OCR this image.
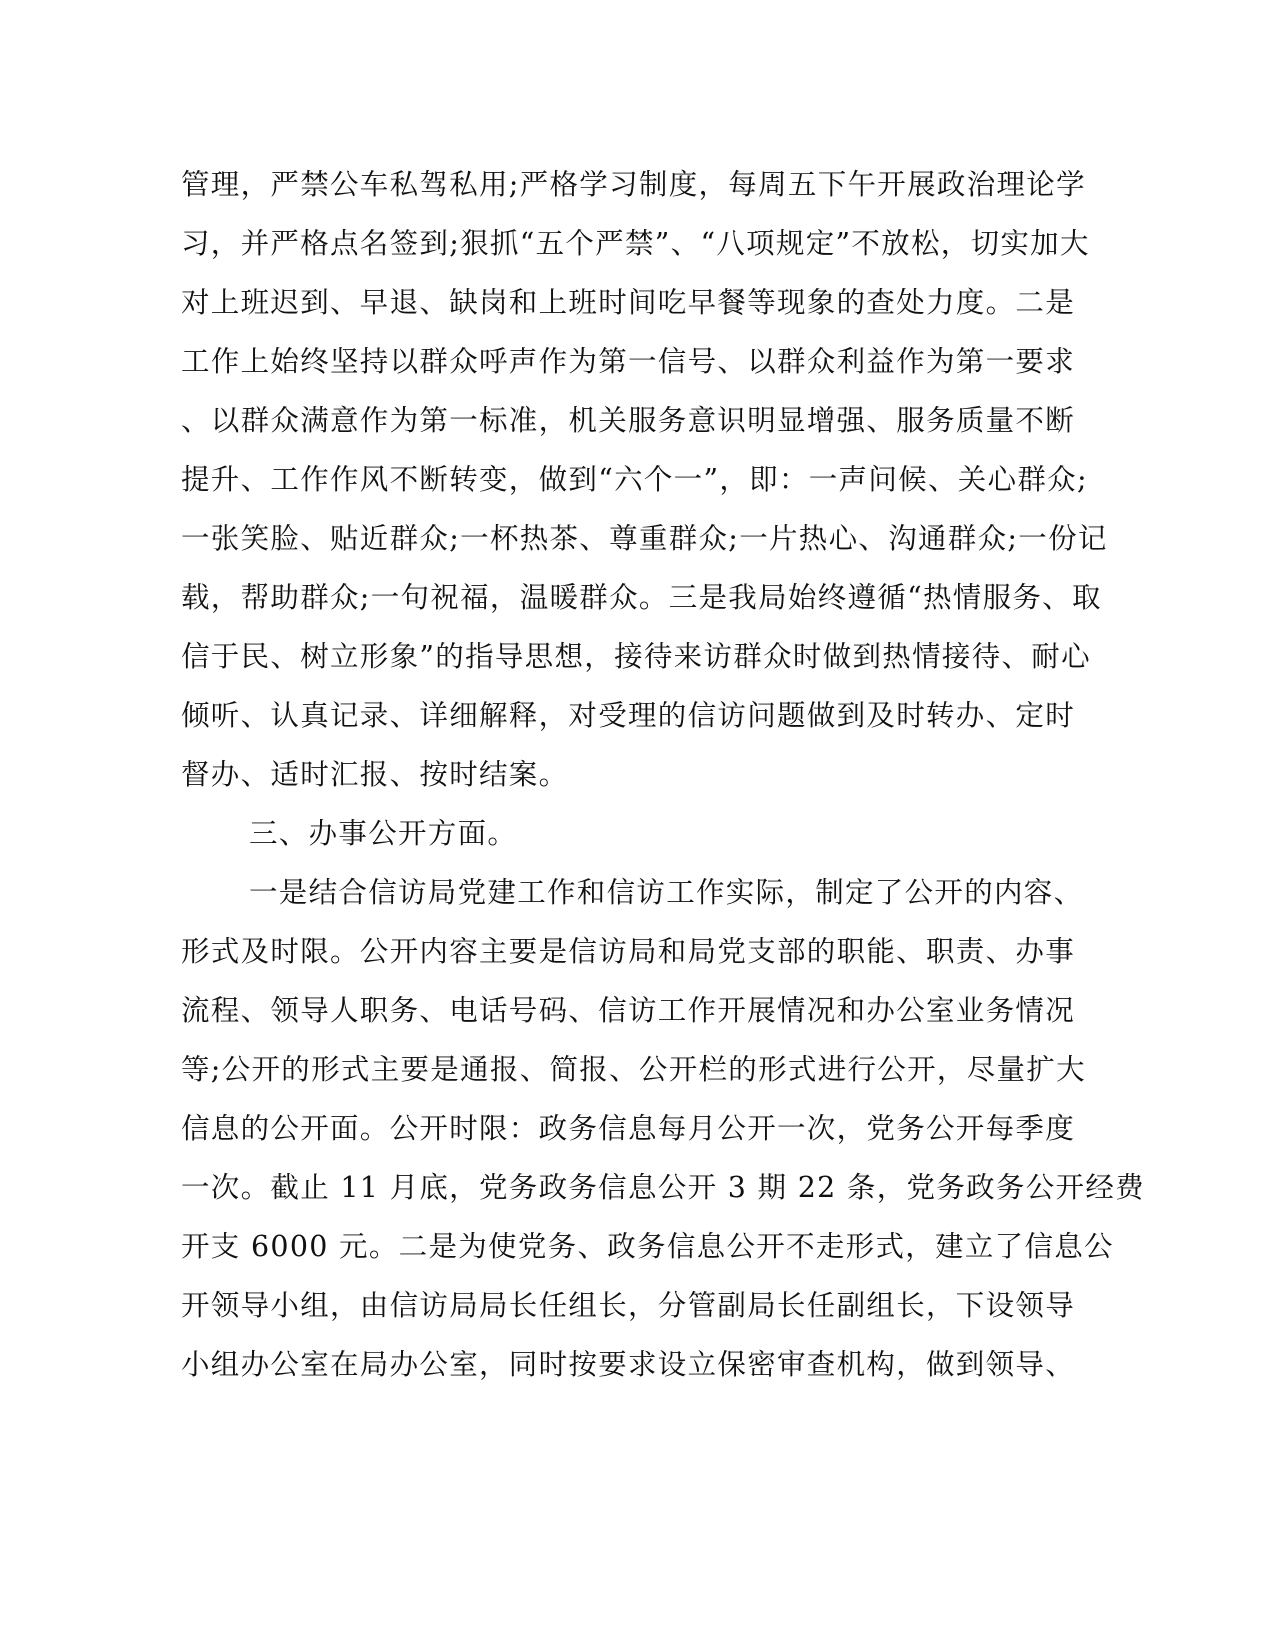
管理，严禁公车私驾私用;严格学习制度，每周五下午开展政治理论学
习，并严格点名签到;狠抓“五个严禁”、“八项规定”不放松，切实加大
对上班迟到、早退、缺岗和上班时间吃早餐等现象的查处力度。二是
工作上始终坚持以群众呼声作为第一信号、以群众利益作为第一要求
、以群众满意作为第一标准，机关服务意识明显增强、服务质量不断
提升、工作作风不断转变，做到“六个一”，即：一声问候、关心群众;
一张笑脸、贴近群众;一杯热茶、尊重群众;一片热心、沟通群众;一份记
载，帮助群众;一句祝福，温暖群众。三是我局始终遵循“热情服务、取
信于民、树立形象”的指导思想，接待来访群众时做到热情接待、耐心
倾听、认真记录、详细解释，对受理的信访问题做到及时转办、定时
督办、适时汇报、按时结案。
三、办事公开方面。
一是结合信访局党建工作和信访工作实际，制定了公开的内容、
形式及时限。公开内容主要是信访局和局党支部的职能、职责、办事
流程、领导人职务、电话号码、信访工作开展情况和办公室业务情况
等;公开的形式主要是通报、简报、公开栏的形式进行公开，尽量扩大
信息的公开面。公开时限：政务信息每月公开一次，党务公开每季度
一次。截止 11 月底，党务政务信息公开 3 期 22 条，党务政务公开经费
开支 6000 元。二是为使党务、政务信息公开不走形式，建立了信息公
开领导小组，由信访局局长任组长，分管副局长任副组长，下设领导
小组办公室在局办公室，同时按要求设立保密审查机构，做到领导、
